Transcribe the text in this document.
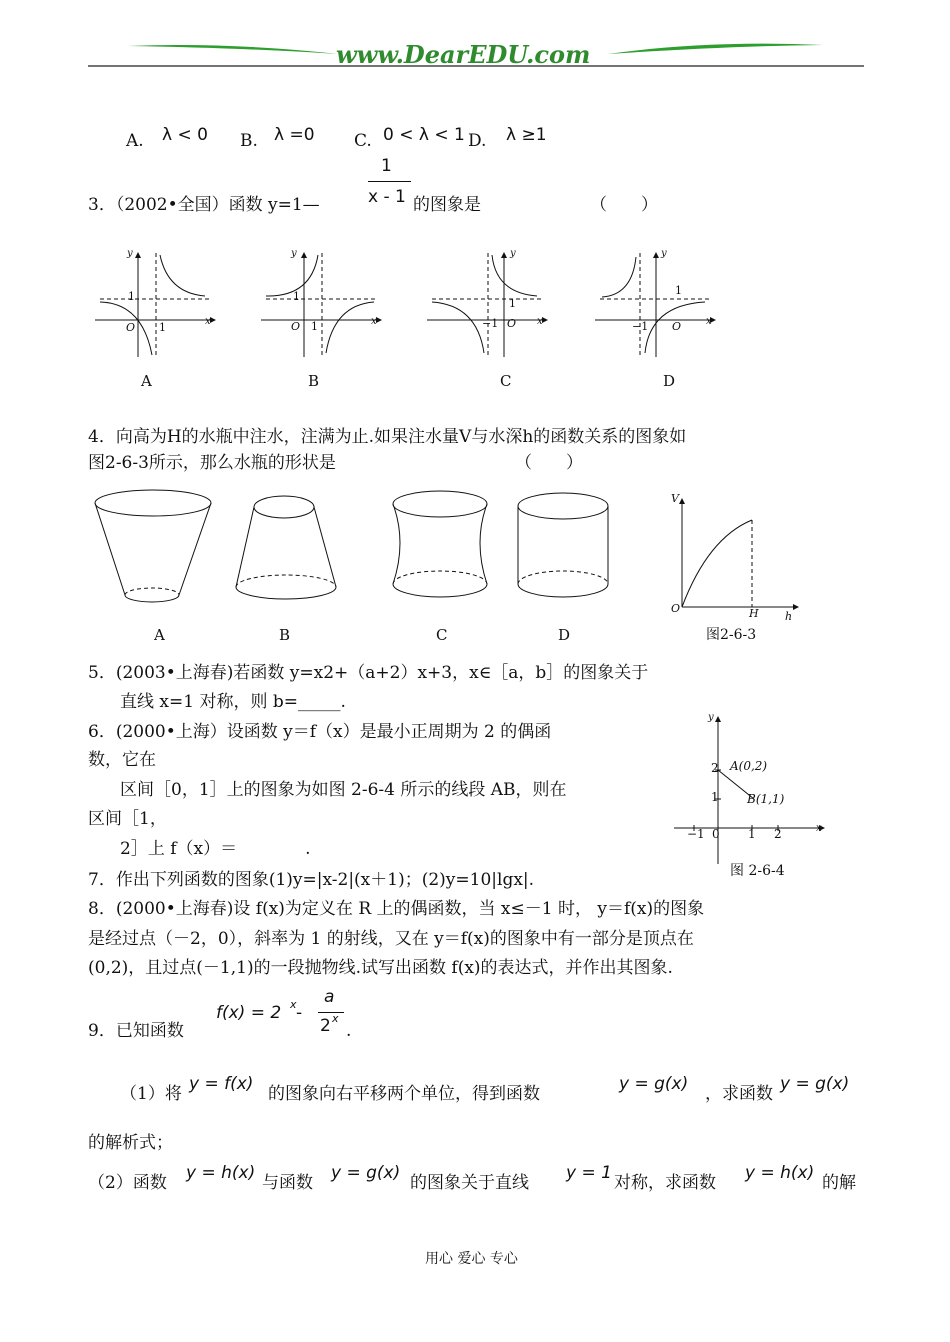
www.DearEDU.com
A. λ < 0 B. λ =0 C. 0 < λ < 1 D. λ ≥1
3．（2002•全国）函数 y=1—
1
x - 1 的图象是	（　　）
y
1
O 1	x
A
y
1
O 1	x
B
y
1
−1 O x
C
y
1
−1 O x
D
4．向高为H的水瓶中注水，注满为止.如果注水量V与水深h的函数关系的图象如
图2-6-3所示，那么水瓶的形状是	（　　）
A	B	C	D
V
O	H h
图2-6-3
5．(2003•上海春)若函数 y=x2+（a+2）x+3，x∈［a，b］的图象关于
直线 x=1 对称，则 b=_____.
6．(2000•上海）设函数 y＝f（x）是最小正周期为 2 的偶函
数，它在
区间［0，1］上的图象为如图 2-6-4 所示的线段 AB，则在
区间［1，
2］上 f（x）＝　　　　.
y
x
2
1
A(0,2)
B(1,1)
−1 0 1 2
图 2-6-4
7．作出下列函数的图象(1)y=|x-2|(x＋1)；(2)y=10|lgx|.
8．(2000•上海春)设 f(x)为定义在 R 上的偶函数，当 x≤－1 时， y＝f(x)的图象
是经过点（－2，0），斜率为 1 的射线，又在 y＝f(x)的图象中有一部分是顶点在
(0,2)，且过点(－1,1)的一段抛物线.试写出函数 f(x)的表达式，并作出其图象.
9．已知函数
f(x) = 2 x -
a
2 x
.
（1）将 y = f(x) 的图象向右平移两个单位，得到函数	y = g(x) ，求函数 y = g(x)
的解析式；
（2）函数 y = h(x) 与函数 y = g(x) 的图象关于直线 y = 1 对称，求函数 y = h(x) 的解
用心 爱心 专心
